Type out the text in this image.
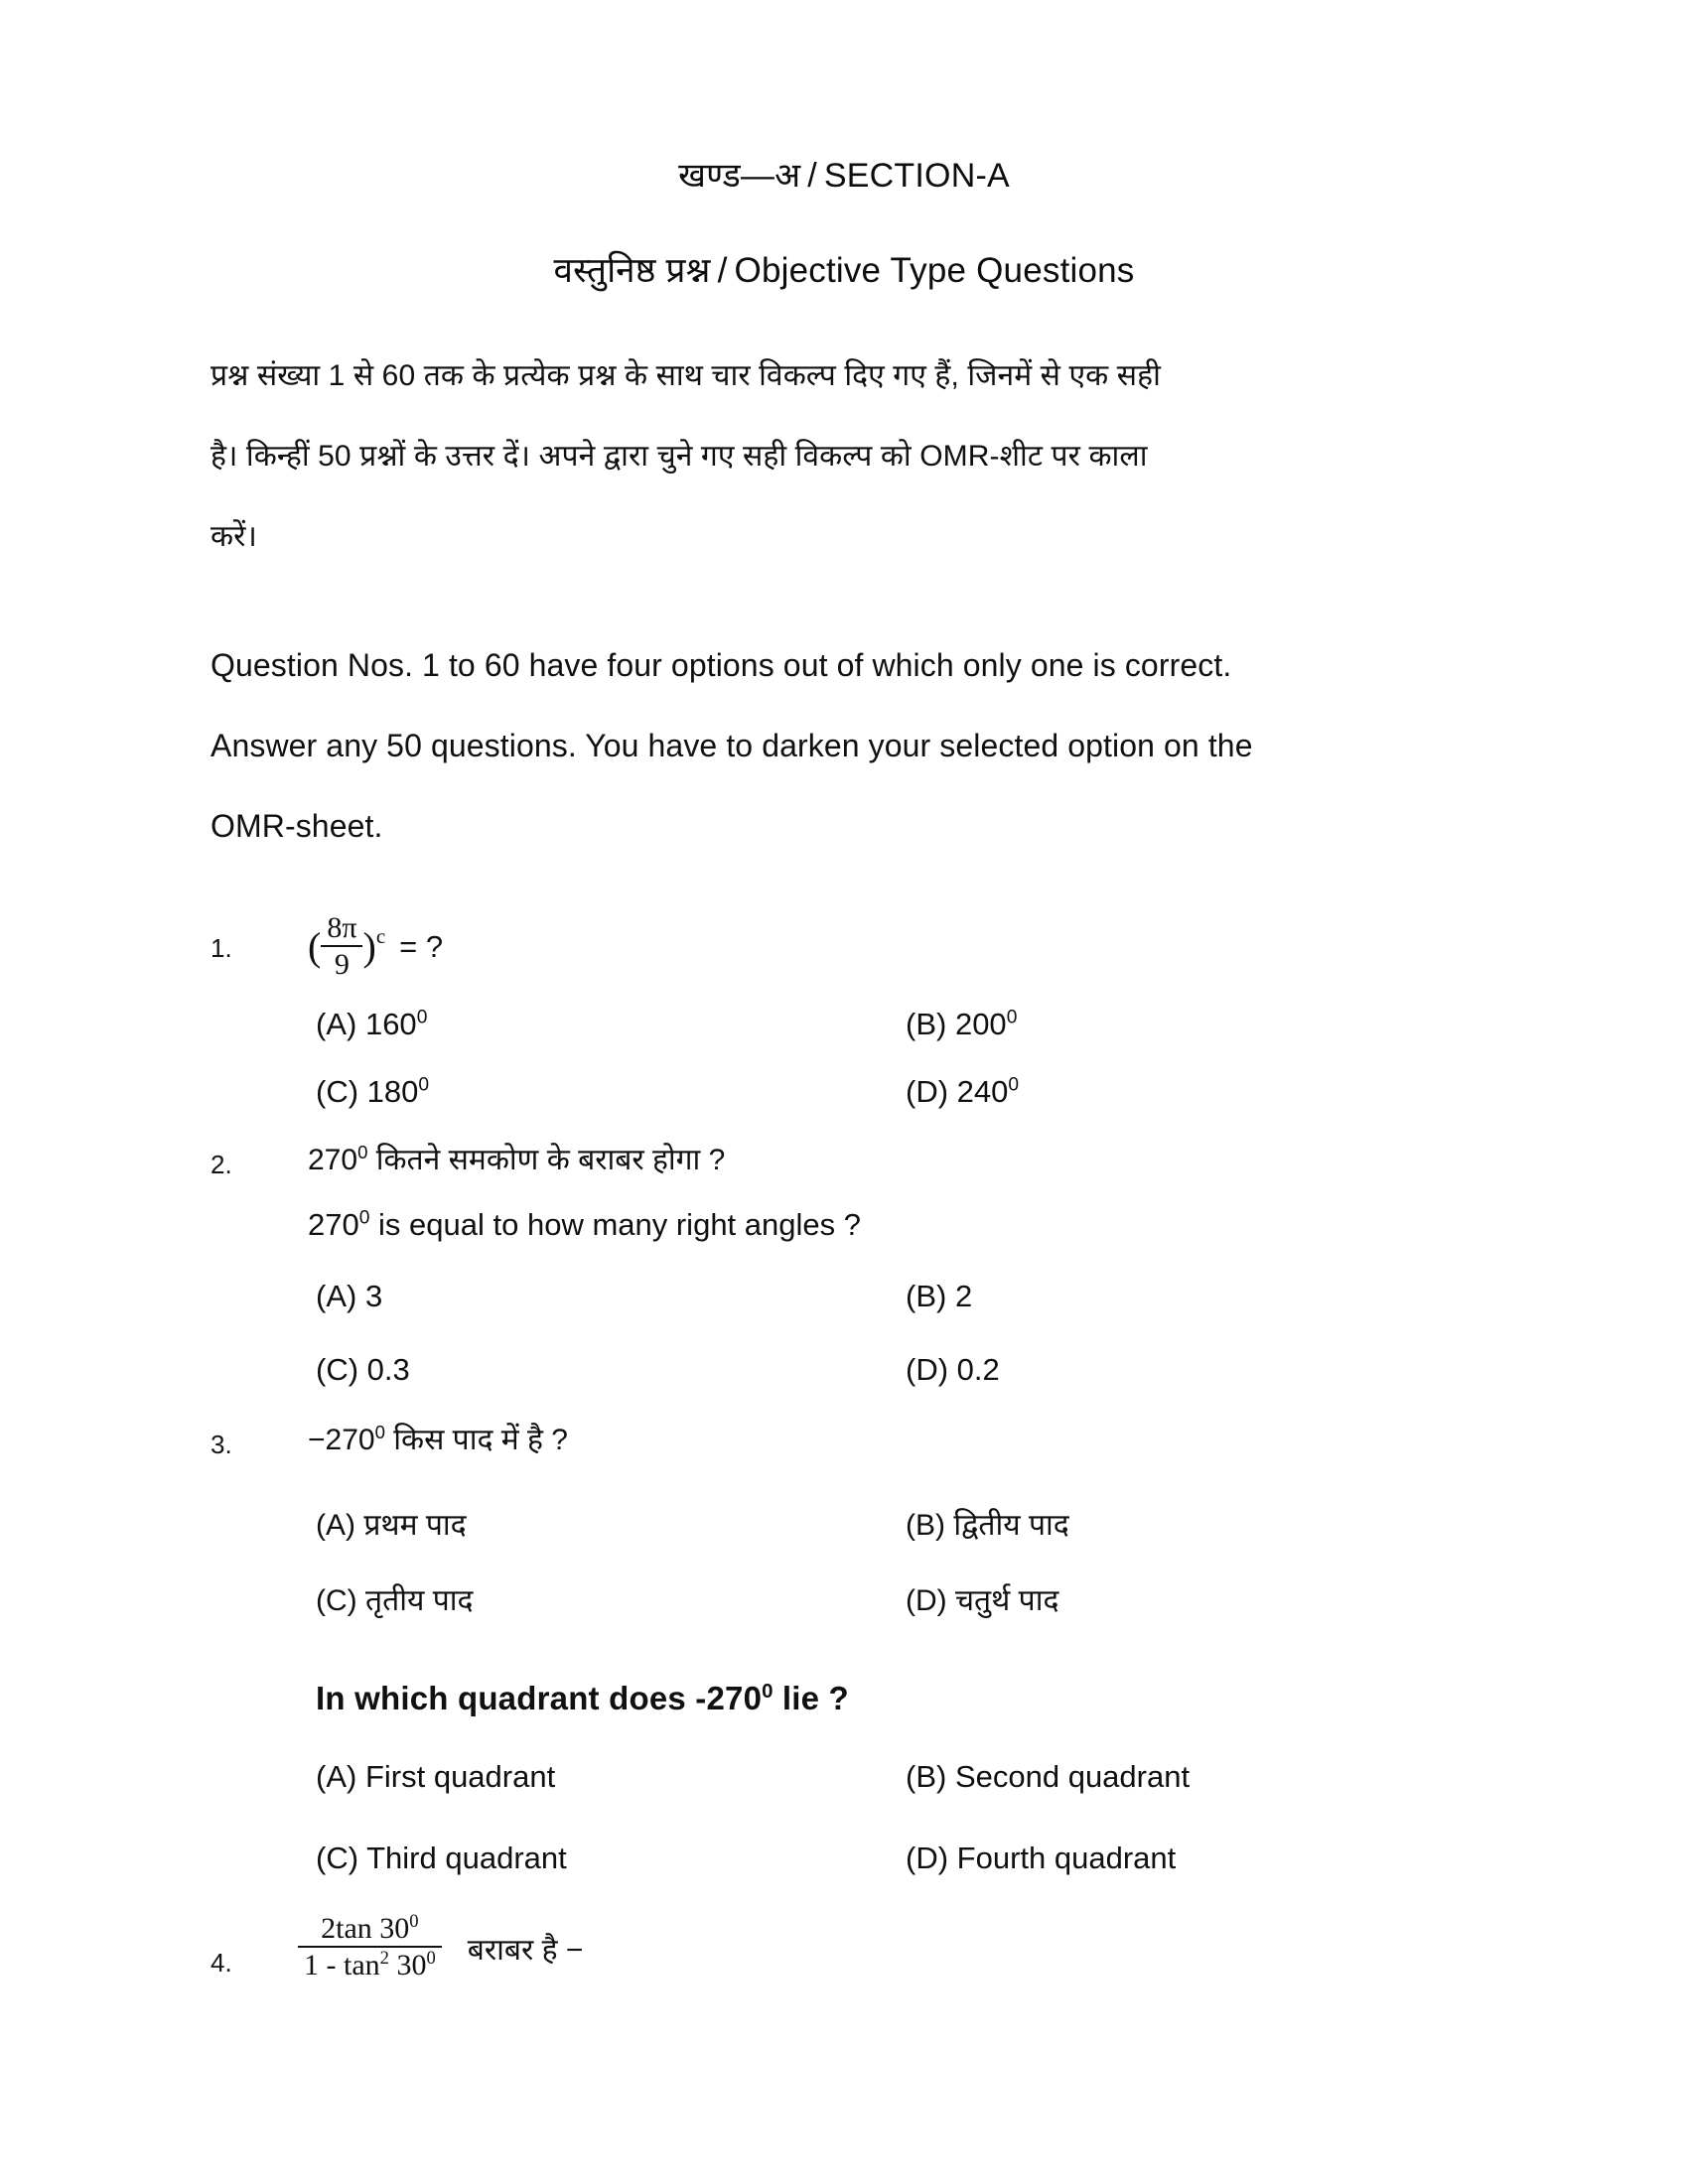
खण्ड—अ / SECTION-A
वस्तुनिष्ठ प्रश्न / Objective Type Questions
प्रश्न संख्या 1 से 60 तक के प्रत्येक प्रश्न के साथ चार विकल्प दिए गए हैं, जिनमें से एक सही
है। किन्हीं 50 प्रश्नों के उत्तर दें। अपने द्वारा चुने गए सही विकल्प को OMR-शीट पर काला
करें।
Question Nos. 1 to 60 have four options out of which only one is correct.
Answer any 50 questions. You have to darken your selected option on the
OMR-sheet.
1.	( $\frac{8\pi}{9}$ ) c = ?
(A) $160^0$	(B) $200^0$
(C) $180^0$	(D) $240^0$
2.	$270^0$ कितने समकोण के बराबर होगा ?
$270^0$ is equal to how many right angles ?
(A) 3	(B) 2
(C) 0.3	(D) 0.2
3.	$-270^0$ किस पाद में है ?
(A) प्रथम पाद	(B) द्वितीय पाद
(C) तृतीय पाद	(D) चतुर्थ पाद
In which quadrant does $-270^0$ lie ?
(A) First quadrant	(B) Second quadrant
(C) Third quadrant	(D) Fourth quadrant
4.	$\frac{2\tan 30^0}{1 - \tan^2 30^0}$ बराबर है −
